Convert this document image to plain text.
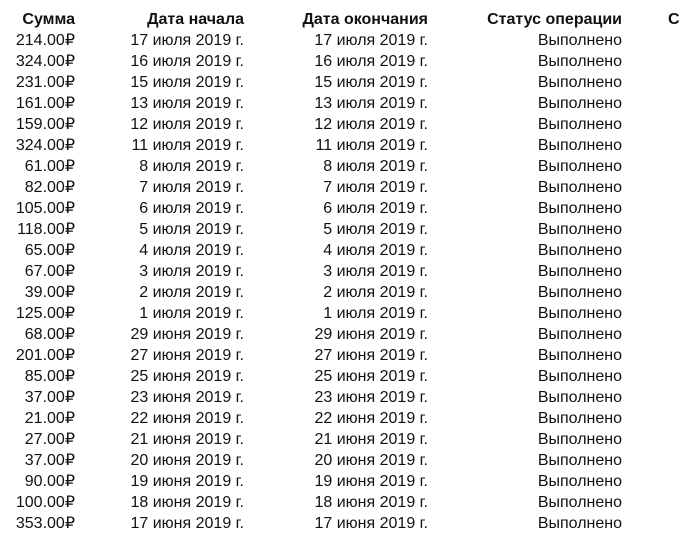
Сумма	Дата начала	Дата окончания	Статус операции	С
214.00₽	17 июля 2019 г.	17 июля 2019 г.	Выполнено
324.00₽	16 июля 2019 г.	16 июля 2019 г.	Выполнено
231.00₽	15 июля 2019 г.	15 июля 2019 г.	Выполнено
161.00₽	13 июля 2019 г.	13 июля 2019 г.	Выполнено
159.00₽	12 июля 2019 г.	12 июля 2019 г.	Выполнено
324.00₽	11 июля 2019 г.	11 июля 2019 г.	Выполнено
61.00₽	8 июля 2019 г.	8 июля 2019 г.	Выполнено
82.00₽	7 июля 2019 г.	7 июля 2019 г.	Выполнено
105.00₽	6 июля 2019 г.	6 июля 2019 г.	Выполнено
118.00₽	5 июля 2019 г.	5 июля 2019 г.	Выполнено
65.00₽	4 июля 2019 г.	4 июля 2019 г.	Выполнено
67.00₽	3 июля 2019 г.	3 июля 2019 г.	Выполнено
39.00₽	2 июля 2019 г.	2 июля 2019 г.	Выполнено
125.00₽	1 июля 2019 г.	1 июля 2019 г.	Выполнено
68.00₽	29 июня 2019 г.	29 июня 2019 г.	Выполнено
201.00₽	27 июня 2019 г.	27 июня 2019 г.	Выполнено
85.00₽	25 июня 2019 г.	25 июня 2019 г.	Выполнено
37.00₽	23 июня 2019 г.	23 июня 2019 г.	Выполнено
21.00₽	22 июня 2019 г.	22 июня 2019 г.	Выполнено
27.00₽	21 июня 2019 г.	21 июня 2019 г.	Выполнено
37.00₽	20 июня 2019 г.	20 июня 2019 г.	Выполнено
90.00₽	19 июня 2019 г.	19 июня 2019 г.	Выполнено
100.00₽	18 июня 2019 г.	18 июня 2019 г.	Выполнено
353.00₽	17 июня 2019 г.	17 июня 2019 г.	Выполнено
